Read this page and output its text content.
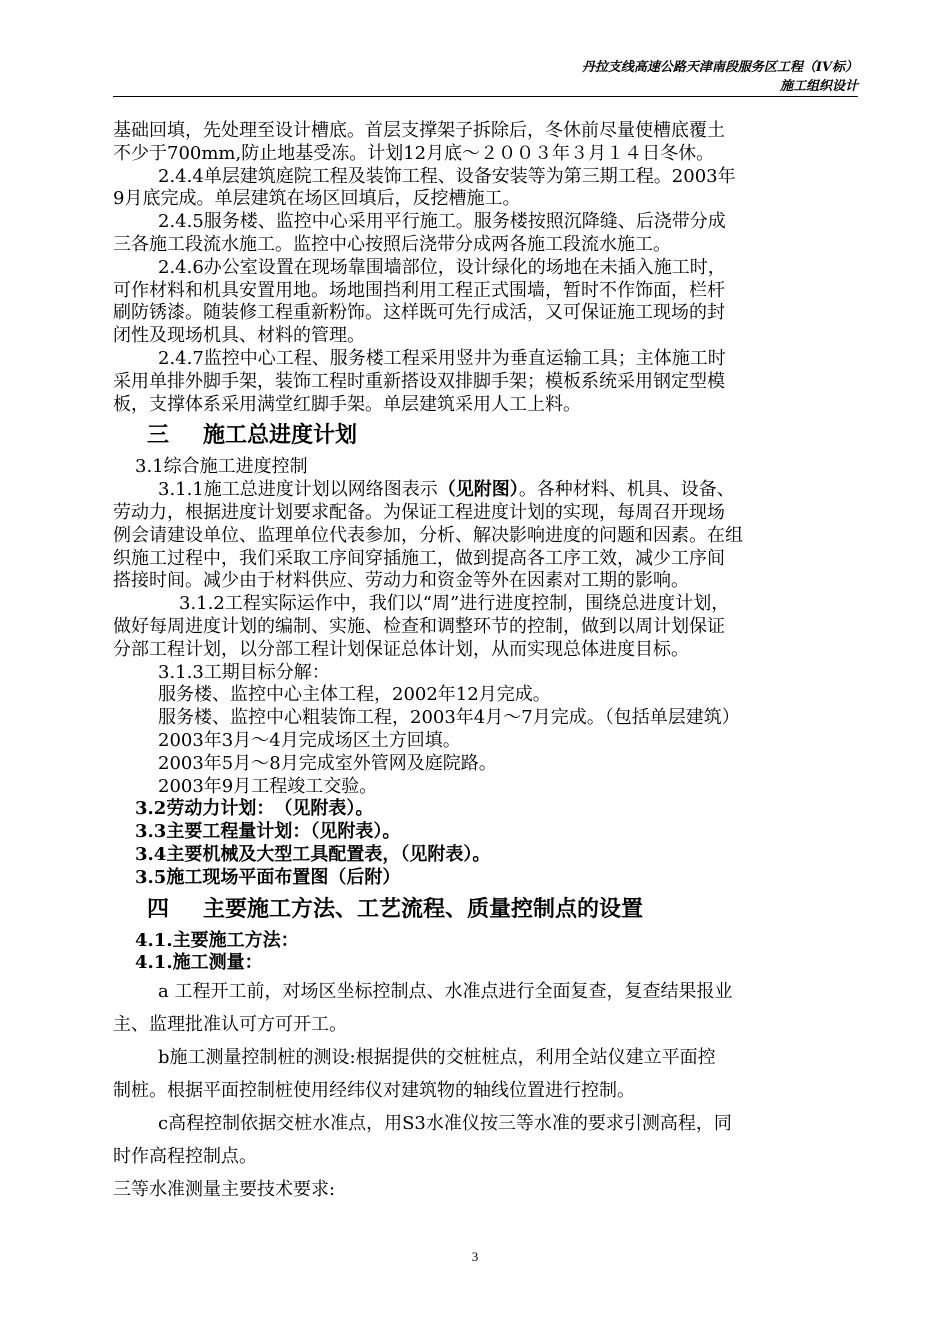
丹拉支线高速公路天津南段服务区工程（IV标）
施工组织设计

基础回填，先处理至设计槽底。首层支撑架子拆除后，冬休前尽量使槽底覆土

不少于700mm,防止地基受冻。计划12月底～２００３年３月１４日冬休。

2.4.4单层建筑庭院工程及装饰工程、设备安装等为第三期工程。2003年

9月底完成。单层建筑在场区回填后，反挖槽施工。

2.4.5服务楼、监控中心采用平行施工。服务楼按照沉降缝、后浇带分成

三各施工段流水施工。监控中心按照后浇带分成两各施工段流水施工。

2.4.6办公室设置在现场靠围墙部位，设计绿化的场地在未插入施工时，

可作材料和机具安置用地。场地围挡利用工程正式围墙，暂时不作饰面，栏杆

刷防锈漆。随装修工程重新粉饰。这样既可先行成活，又可保证施工现场的封

闭性及现场机具、材料的管理。

2.4.7监控中心工程、服务楼工程采用竖井为垂直运输工具；主体施工时

采用单排外脚手架，装饰工程时重新搭设双排脚手架；模板系统采用钢定型模

板，支撑体系采用满堂红脚手架。单层建筑采用人工上料。

三 施工总进度计划

3.1综合施工进度控制

3.1.1施工总进度计划以网络图表示（见附图）。各种材料、机具、设备、

劳动力，根据进度计划要求配备。为保证工程进度计划的实现，每周召开现场

例会请建设单位、监理单位代表参加，分析、解决影响进度的问题和因素。在组

织施工过程中，我们采取工序间穿插施工，做到提高各工序工效，减少工序间

搭接时间。减少由于材料供应、劳动力和资金等外在因素对工期的影响。

3.1.2工程实际运作中，我们以“周”进行进度控制，围绕总进度计划，

做好每周进度计划的编制、实施、检查和调整环节的控制，做到以周计划保证

分部工程计划，以分部工程计划保证总体计划，从而实现总体进度目标。

3.1.3工期目标分解：

服务楼、监控中心主体工程，2002年12月完成。

服务楼、监控中心粗装饰工程，2003年4月～7月完成。（包括单层建筑）

2003年3月～4月完成场区土方回填。

2003年5月～8月完成室外管网及庭院路。

2003年9月工程竣工交验。

3.2劳动力计划：　（见附表）。

3.3主要工程量计划：（见附表）。

3.4主要机械及大型工具配置表，（见附表）。

3.5施工现场平面布置图（后附）

四 主要施工方法、工艺流程、质量控制点的设置

4.1.主要施工方法：

4.1.施工测量：

a 工程开工前，对场区坐标控制点、水准点进行全面复查，复查结果报业

主、监理批准认可方可开工。

b施工测量控制桩的测设:根据提供的交桩桩点，利用全站仪建立平面控

制桩。根据平面控制桩使用经纬仪对建筑物的轴线位置进行控制。

c高程控制依据交桩水准点，用S3水准仪按三等水准的要求引测高程，同

时作高程控制点。

三等水准测量主要技术要求:

3
